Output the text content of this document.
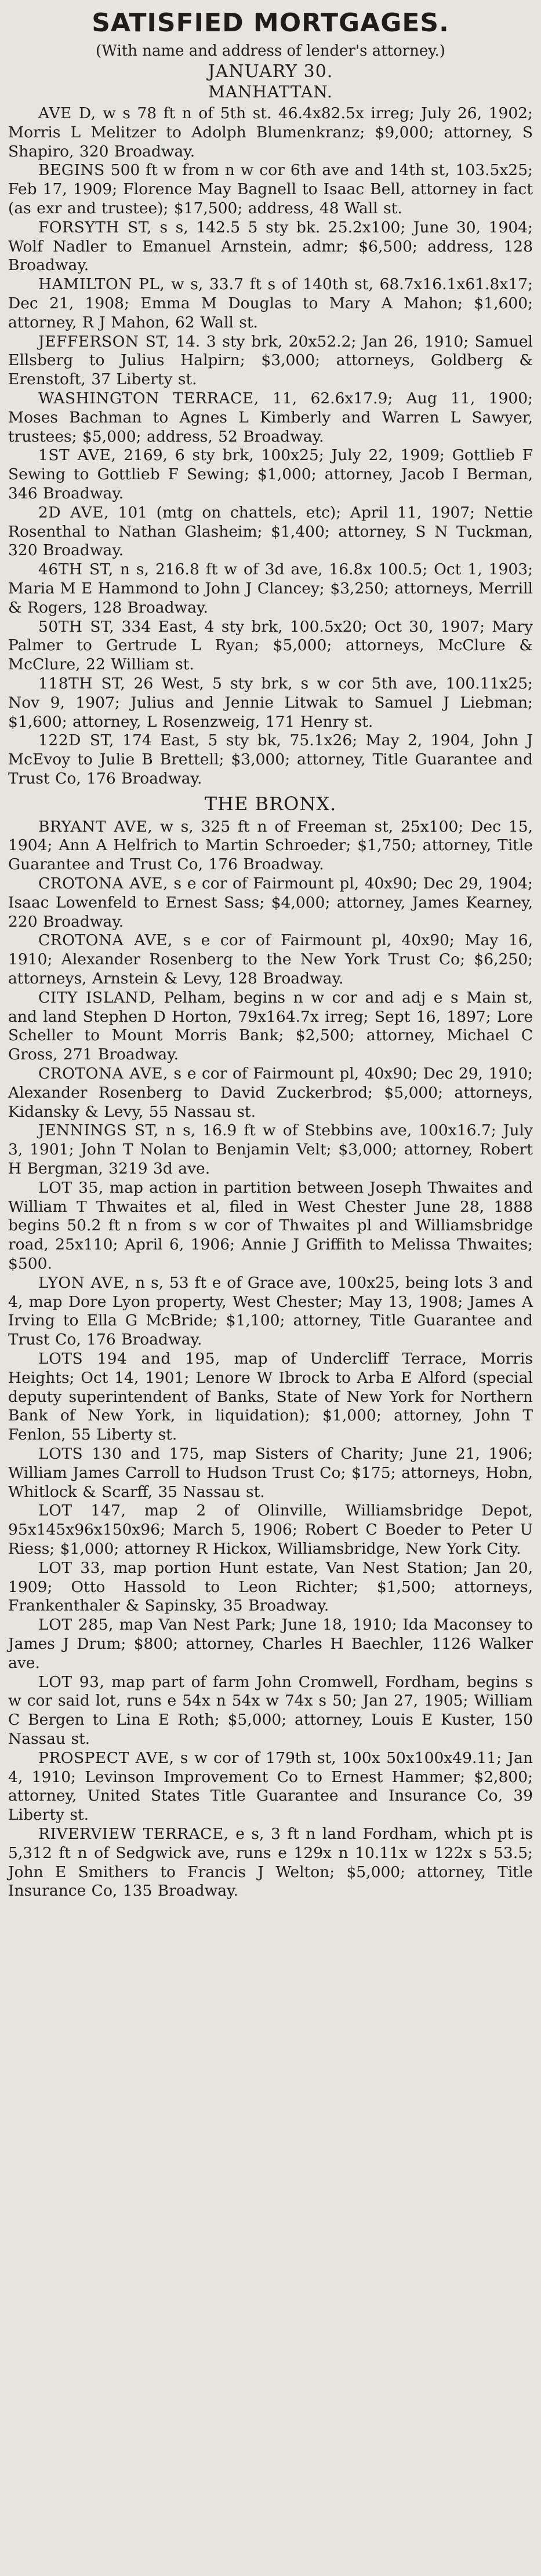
SATISFIED MORTGAGES.
(With name and address of lender's attorney.)
JANUARY 30.
MANHATTAN.
AVE D, w s 78 ft n of 5th st. 46.4x82.5x irreg; July 26, 1902; Morris L Melitzer to Adolph Blumenkranz; $9,000; attorney, S Shapiro, 320 Broadway.
BEGINS 500 ft w from n w cor 6th ave and 14th st, 103.5x25; Feb 17, 1909; Florence May Bagnell to Isaac Bell, attorney in fact (as exr and trustee); $17,500; address, 48 Wall st.
FORSYTH ST, s s, 142.5 5 sty bk. 25.2x100; June 30, 1904; Wolf Nadler to Emanuel Arnstein, admr; $6,500; address, 128 Broadway.
HAMILTON PL, w s, 33.7 ft s of 140th st, 68.7x16.1x61.8x17; Dec 21, 1908; Emma M Douglas to Mary A Mahon; $1,600; attorney, R J Mahon, 62 Wall st.
JEFFERSON ST, 14. 3 sty brk, 20x52.2; Jan 26, 1910; Samuel Ellsberg to Julius Halpirn; $3,000; attorneys, Goldberg & Erenstoft, 37 Liberty st.
WASHINGTON TERRACE, 11, 62.6x17.9; Aug 11, 1900; Moses Bachman to Agnes L Kimberly and Warren L Sawyer, trustees; $5,000; address, 52 Broadway.
1ST AVE, 2169, 6 sty brk, 100x25; July 22, 1909; Gottlieb F Sewing to Gottlieb F Sewing; $1,000; attorney, Jacob I Berman, 346 Broadway.
2D AVE, 101 (mtg on chattels, etc); April 11, 1907; Nettie Rosenthal to Nathan Glasheim; $1,400; attorney, S N Tuckman, 320 Broadway.
46TH ST, n s, 216.8 ft w of 3d ave, 16.8x 100.5; Oct 1, 1903; Maria M E Hammond to John J Clancey; $3,250; attorneys, Merrill & Rogers, 128 Broadway.
50TH ST, 334 East, 4 sty brk, 100.5x20; Oct 30, 1907; Mary Palmer to Gertrude L Ryan; $5,000; attorneys, McClure & McClure, 22 William st.
118TH ST, 26 West, 5 sty brk, s w cor 5th ave, 100.11x25; Nov 9, 1907; Julius and Jennie Litwak to Samuel J Liebman; $1,600; attorney, L Rosenzweig, 171 Henry st.
122D ST, 174 East, 5 sty bk, 75.1x26; May 2, 1904, John J McEvoy to Julie B Brettell; $3,000; attorney, Title Guarantee and Trust Co, 176 Broadway.
THE BRONX.
BRYANT AVE, w s, 325 ft n of Freeman st, 25x100; Dec 15, 1904; Ann A Helfrich to Martin Schroeder; $1,750; attorney, Title Guarantee and Trust Co, 176 Broadway.
CROTONA AVE, s e cor of Fairmount pl, 40x90; Dec 29, 1904; Isaac Lowenfeld to Ernest Sass; $4,000; attorney, James Kearney, 220 Broadway.
CROTONA AVE, s e cor of Fairmount pl, 40x90; May 16, 1910; Alexander Rosenberg to the New York Trust Co; $6,250; attorneys, Arnstein & Levy, 128 Broadway.
CITY ISLAND, Pelham, begins n w cor and adj e s Main st, and land Stephen D Horton, 79x164.7x irreg; Sept 16, 1897; Lore Scheller to Mount Morris Bank; $2,500; attorney, Michael C Gross, 271 Broadway.
CROTONA AVE, s e cor of Fairmount pl, 40x90; Dec 29, 1910; Alexander Rosenberg to David Zuckerbrod; $5,000; attorneys, Kidansky & Levy, 55 Nassau st.
JENNINGS ST, n s, 16.9 ft w of Stebbins ave, 100x16.7; July 3, 1901; John T Nolan to Benjamin Velt; $3,000; attorney, Robert H Bergman, 3219 3d ave.
LOT 35, map action in partition between Joseph Thwaites and William T Thwaites et al, filed in West Chester June 28, 1888 begins 50.2 ft n from s w cor of Thwaites pl and Williamsbridge road, 25x110; April 6, 1906; Annie J Griffith to Melissa Thwaites; $500.
LYON AVE, n s, 53 ft e of Grace ave, 100x25, being lots 3 and 4, map Dore Lyon property, West Chester; May 13, 1908; James A Irving to Ella G McBride; $1,100; attorney, Title Guarantee and Trust Co, 176 Broadway.
LOTS 194 and 195, map of Undercliff Terrace, Morris Heights; Oct 14, 1901; Lenore W Ibrock to Arba E Alford (special deputy superintendent of Banks, State of New York for Northern Bank of New York, in liquidation); $1,000; attorney, John T Fenlon, 55 Liberty st.
LOTS 130 and 175, map Sisters of Charity; June 21, 1906; William James Carroll to Hudson Trust Co; $175; attorneys, Hobn, Whitlock & Scarff, 35 Nassau st.
LOT 147, map 2 of Olinville, Williamsbridge Depot, 95x145x96x150x96; March 5, 1906; Robert C Boeder to Peter U Riess; $1,000; attorney R Hickox, Williamsbridge, New York City.
LOT 33, map portion Hunt estate, Van Nest Station; Jan 20, 1909; Otto Hassold to Leon Richter; $1,500; attorneys, Frankenthaler & Sapinsky, 35 Broadway.
LOT 285, map Van Nest Park; June 18, 1910; Ida Maconsey to James J Drum; $800; attorney, Charles H Baechler, 1126 Walker ave.
LOT 93, map part of farm John Cromwell, Fordham, begins s w cor said lot, runs e 54x n 54x w 74x s 50; Jan 27, 1905; William C Bergen to Lina E Roth; $5,000; attorney, Louis E Kuster, 150 Nassau st.
PROSPECT AVE, s w cor of 179th st, 100x 50x100x49.11; Jan 4, 1910; Levinson Improvement Co to Ernest Hammer; $2,800; attorney, United States Title Guarantee and Insurance Co, 39 Liberty st.
RIVERVIEW TERRACE, e s, 3 ft n land Fordham, which pt is 5,312 ft n of Sedgwick ave, runs e 129x n 10.11x w 122x s 53.5; John E Smithers to Francis J Welton; $5,000; attorney, Title Insurance Co, 135 Broadway.
